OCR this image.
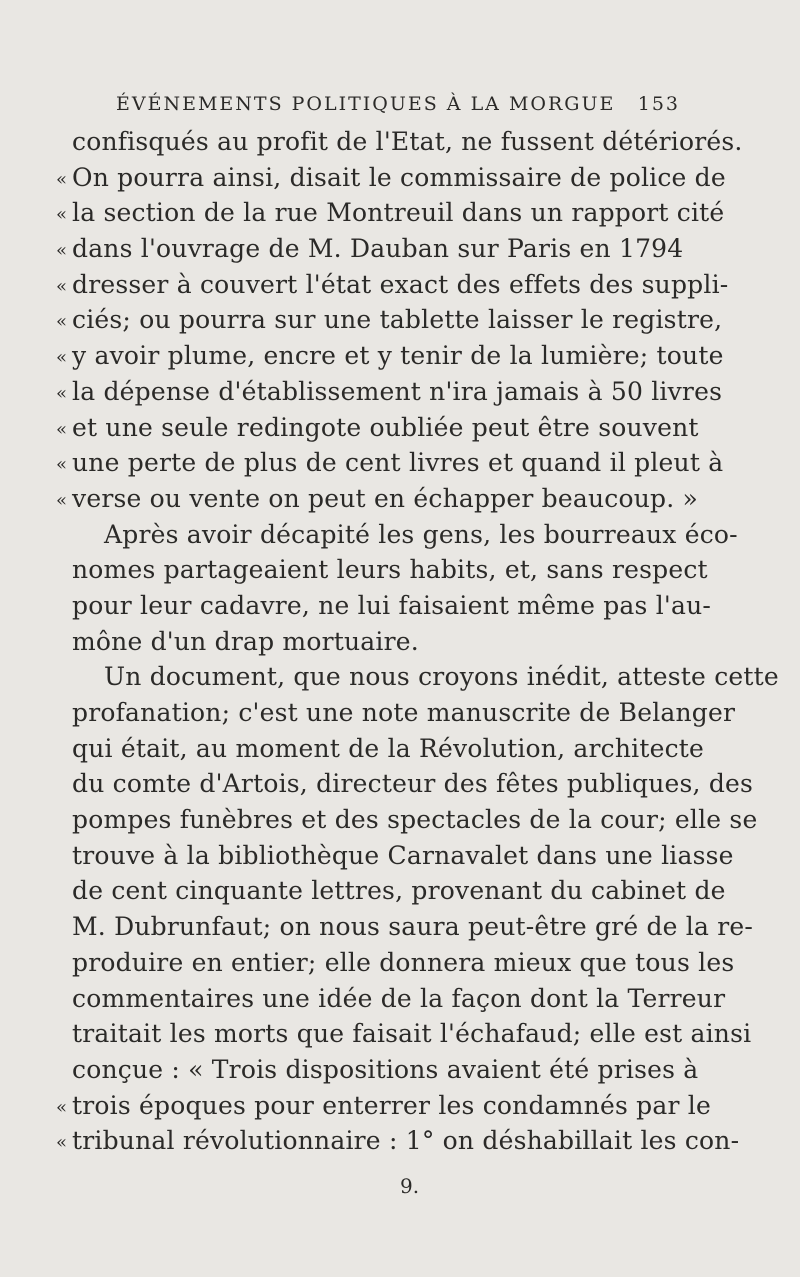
ÉVÉNEMENTS POLITIQUES À LA MORGUE 153
confisqués au profit de l'Etat, ne fussent détériorés.
« On pourra ainsi, disait le commissaire de police de
« la section de la rue Montreuil dans un rapport cité
« dans l'ouvrage de M. Dauban sur Paris en 1794
« dresser à couvert l'état exact des effets des suppli-
« ciés; ou pourra sur une tablette laisser le registre,
« y avoir plume, encre et y tenir de la lumière; toute
« la dépense d'établissement n'ira jamais à 50 livres
« et une seule redingote oubliée peut être souvent
« une perte de plus de cent livres et quand il pleut à
« verse ou vente on peut en échapper beaucoup. »
Après avoir décapité les gens, les bourreaux éco-
nomes partageaient leurs habits, et, sans respect
pour leur cadavre, ne lui faisaient même pas l'au-
mône d'un drap mortuaire.
Un document, que nous croyons inédit, atteste cette
profanation; c'est une note manuscrite de Belanger
qui était, au moment de la Révolution, architecte
du comte d'Artois, directeur des fêtes publiques, des
pompes funèbres et des spectacles de la cour; elle se
trouve à la bibliothèque Carnavalet dans une liasse
de cent cinquante lettres, provenant du cabinet de
M. Dubrunfaut; on nous saura peut-être gré de la re-
produire en entier; elle donnera mieux que tous les
commentaires une idée de la façon dont la Terreur
traitait les morts que faisait l'échafaud; elle est ainsi
conçue : « Trois dispositions avaient été prises à
« trois époques pour enterrer les condamnés par le
« tribunal révolutionnaire : 1° on déshabillait les con-
9.
